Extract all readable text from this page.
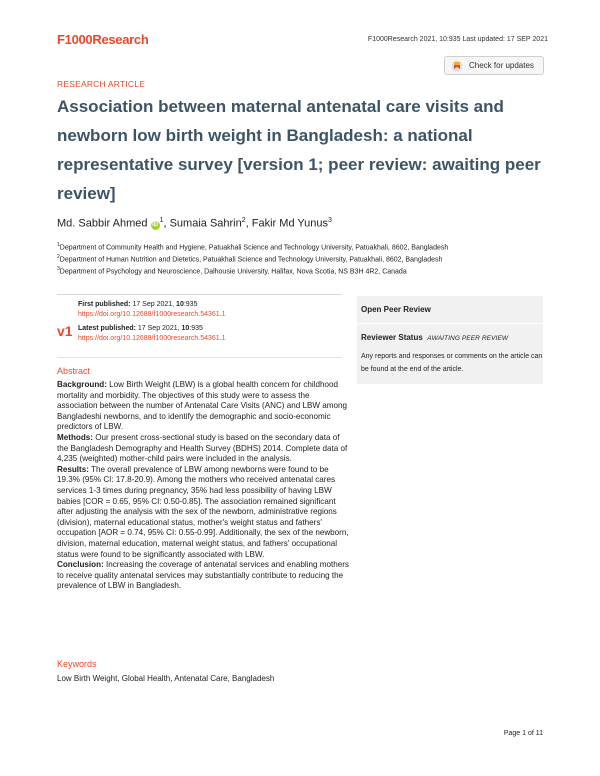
F1000Research	F1000Research 2021, 10:935 Last updated: 17 SEP 2021
RESEARCH ARTICLE
Check for updates
Association between maternal antenatal care visits and newborn low birth weight in Bangladesh: a national representative survey [version 1; peer review: awaiting peer review]
Md. Sabbir Ahmed $iD^1$, Sumaia Sahrin$^2$, Fakir Md Yunus$^3$
$^1$Department of Community Health and Hygiene, Patuakhali Science and Technology University, Patuakhali, 8602, Bangladesh
$^2$Department of Human Nutrition and Dietetics, Patuakhali Science and Technology University, Patuakhali, 8602, Bangladesh
$^3$Department of Psychology and Neuroscience, Dalhousie University, Halifax, Nova Scotia, NS B3H 4R2, Canada
v1
First published: 17 Sep 2021, 10:935
https://doi.org/10.12688/f1000research.54361.1
Latest published: 17 Sep 2021, 10:935
https://doi.org/10.12688/f1000research.54361.1
Abstract

Background: Low Birth Weight (LBW) is a global health concern for childhood mortality and morbidity. The objectives of this study were to assess the association between the number of Antenatal Care Visits (ANC) and LBW among Bangladeshi newborns, and to identify the demographic and socio-economic predictors of LBW.

Methods: Our present cross-sectional study is based on the secondary data of the Bangladesh Demography and Health Survey (BDHS) 2014. Complete data of 4,235 (weighted) mother-child pairs were included in the analysis.

Results: The overall prevalence of LBW among newborns were found to be 19.3% (95% CI: 17.8-20.9). Among the mothers who received antenatal cares services 1-3 times during pregnancy, 35% had less possibility of having LBW babies [COR = 0.65, 95% CI: 0.50-0.85]. The association remained significant after adjusting the analysis with the sex of the newborn, administrative regions (division), maternal educational status, mother's weight status and fathers' occupation [AOR = 0.74, 95% CI: 0.55-0.99]. Additionally, the sex of the newborn, division, maternal education, maternal weight status, and fathers' occupational status were found to be significantly associated with LBW.

Conclusion: Increasing the coverage of antenatal services and enabling mothers to receive quality antenatal services may substantially contribute to reducing the prevalence of LBW in Bangladesh.

Keywords
Low Birth Weight, Global Health, Antenatal Care, Bangladesh
Open Peer Review
Reviewer Status AWAITING PEER REVIEW
Any reports and responses or comments on the article can be found at the end of the article.
Page 1 of 11
